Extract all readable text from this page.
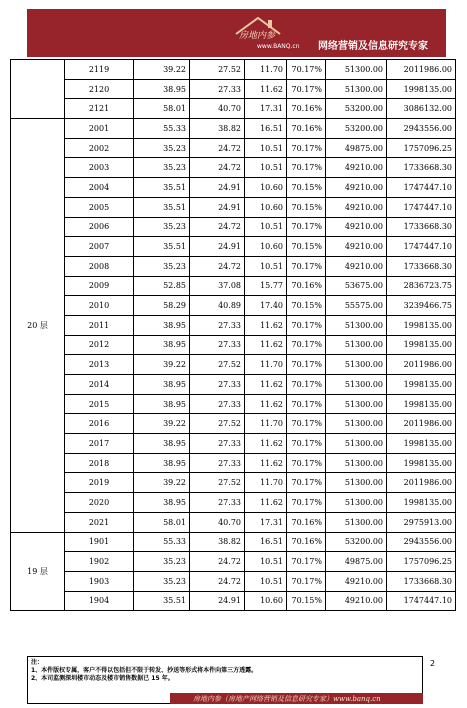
房地内参
www.BANQ.cn 网络营销及信息研究专家
	2119	39.22	27.52	11.70	70.17%	51300.00	2011986.00
	2120	38.95	27.33	11.62	70.17%	51300.00	1998135.00
	2121	58.01	40.70	17.31	70.16%	53200.00	3086132.00
20 层	2001	55.33	38.82	16.51	70.16%	53200.00	2943556.00
	2002	35.23	24.72	10.51	70.17%	49875.00	1757096.25
	2003	35.23	24.72	10.51	70.17%	49210.00	1733668.30
	2004	35.51	24.91	10.60	70.15%	49210.00	1747447.10
	2005	35.51	24.91	10.60	70.15%	49210.00	1747447.10
	2006	35.23	24.72	10.51	70.17%	49210.00	1733668.30
	2007	35.51	24.91	10.60	70.15%	49210.00	1747447.10
	2008	35.23	24.72	10.51	70.17%	49210.00	1733668.30
	2009	52.85	37.08	15.77	70.16%	53675.00	2836723.75
	2010	58.29	40.89	17.40	70.15%	55575.00	3239466.75
	2011	38.95	27.33	11.62	70.17%	51300.00	1998135.00
	2012	38.95	27.33	11.62	70.17%	51300.00	1998135.00
	2013	39.22	27.52	11.70	70.17%	51300.00	2011986.00
	2014	38.95	27.33	11.62	70.17%	51300.00	1998135.00
	2015	38.95	27.33	11.62	70.17%	51300.00	1998135.00
	2016	39.22	27.52	11.70	70.17%	51300.00	2011986.00
	2017	38.95	27.33	11.62	70.17%	51300.00	1998135.00
	2018	38.95	27.33	11.62	70.17%	51300.00	1998135.00
	2019	39.22	27.52	11.70	70.17%	51300.00	2011986.00
	2020	38.95	27.33	11.62	70.17%	51300.00	1998135.00
	2021	58.01	40.70	17.31	70.16%	51300.00	2975913.00
19 层	1901	55.33	38.82	16.51	70.16%	53200.00	2943556.00
	1902	35.23	24.72	10.51	70.17%	49875.00	1757096.25
	1903	35.23	24.72	10.51	70.17%	49210.00	1733668.30
	1904	35.51	24.91	10.60	70.15%	49210.00	1747447.10
注：
1、本件版权专属，客户不得以包括但不限于转发、抄送等形式将本件向第三方透露。
2、本司监测深圳楼市动态及楼市销售数据已 15 年。
2
房地内参（房地产网络营销及信息研究专家）www.banq.cn
